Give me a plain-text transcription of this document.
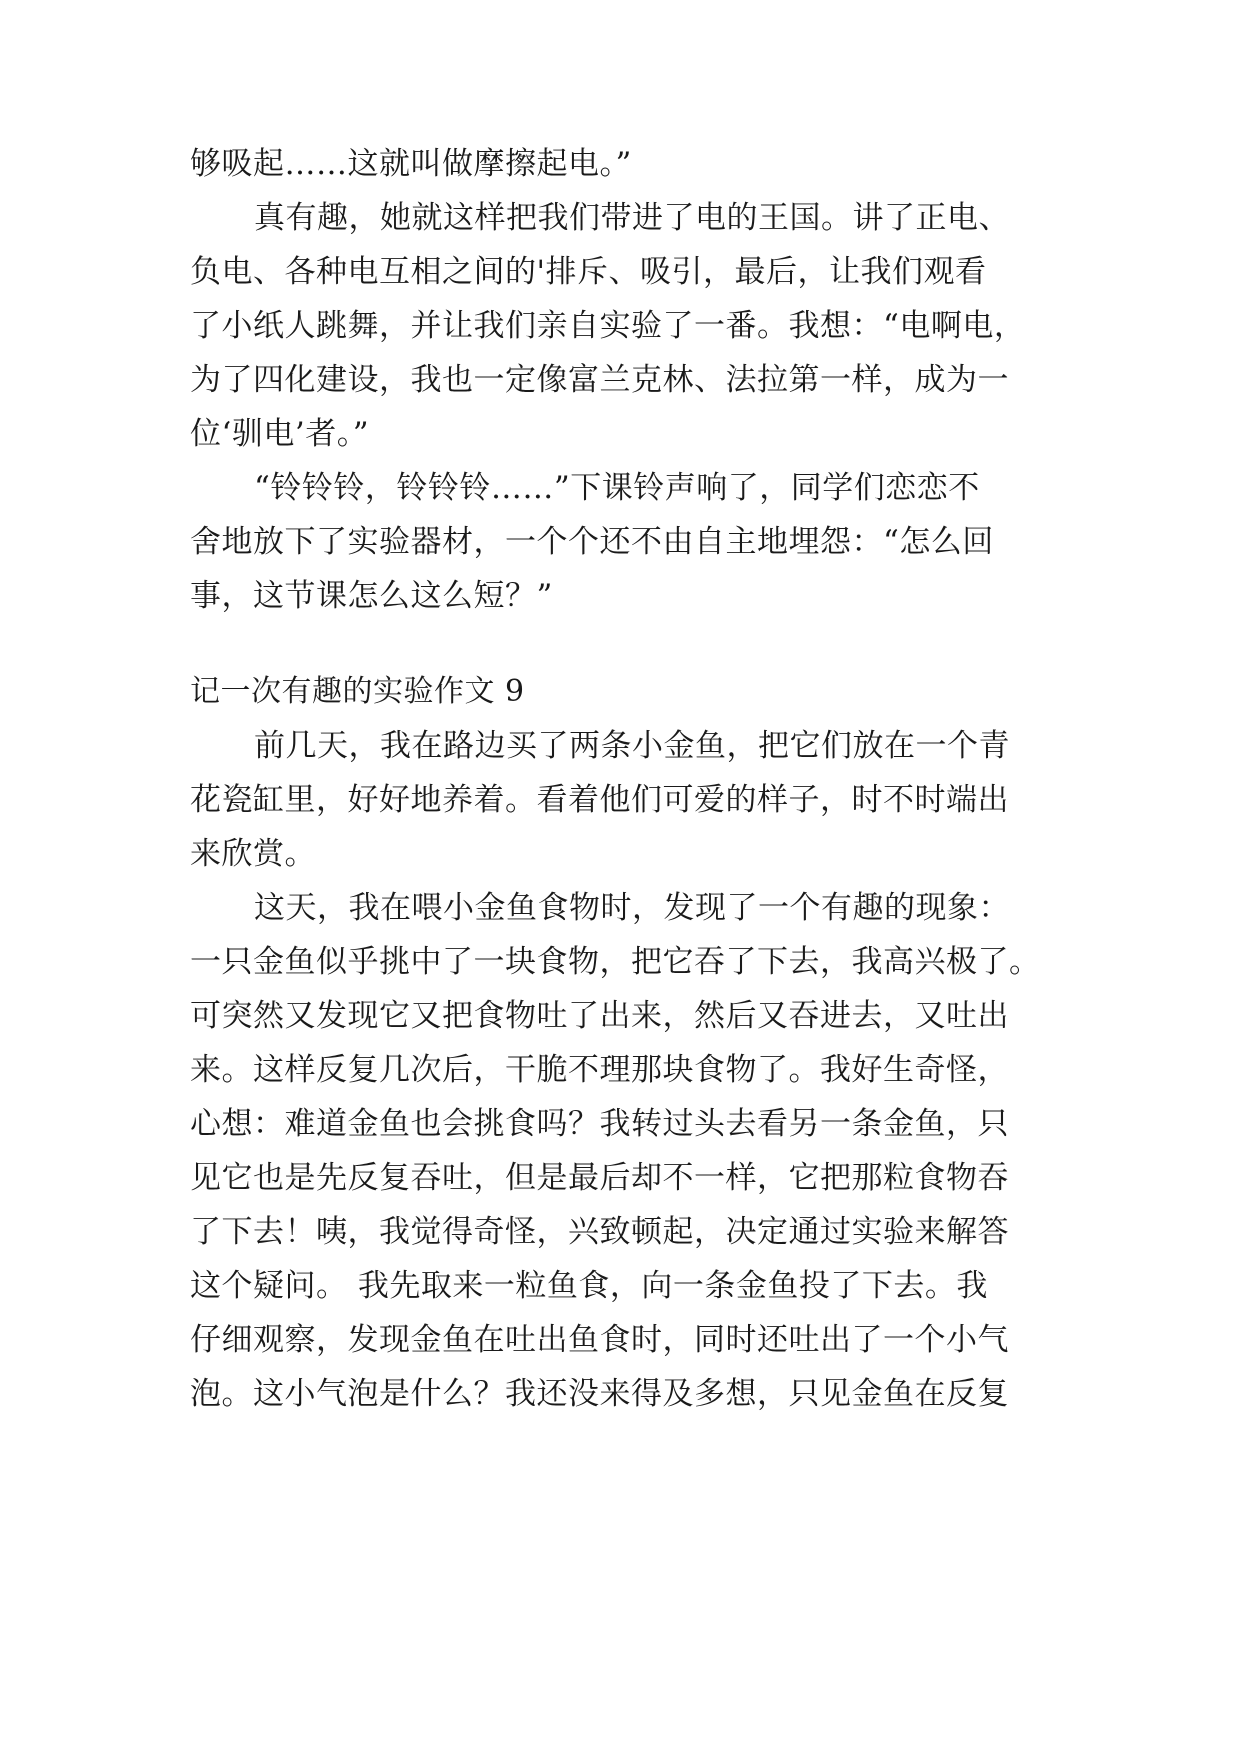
够吸起……这就叫做摩擦起电。”
真有趣，她就这样把我们带进了电的王国。讲了正电、
负电、各种电互相之间的'排斥、吸引，最后，让我们观看
了小纸人跳舞，并让我们亲自实验了一番。我想：“电啊电，
为了四化建设，我也一定像富兰克林、法拉第一样，成为一
位‘驯电’者。”
“铃铃铃，铃铃铃……”下课铃声响了，同学们恋恋不
舍地放下了实验器材，一个个还不由自主地埋怨：“怎么回
事，这节课怎么这么短？”
记一次有趣的实验作文 9
前几天，我在路边买了两条小金鱼，把它们放在一个青
花瓷缸里，好好地养着。看着他们可爱的样子，时不时端出
来欣赏。
这天，我在喂小金鱼食物时，发现了一个有趣的现象：
一只金鱼似乎挑中了一块食物，把它吞了下去，我高兴极了。
可突然又发现它又把食物吐了出来，然后又吞进去，又吐出
来。这样反复几次后，干脆不理那块食物了。我好生奇怪，
心想：难道金鱼也会挑食吗？我转过头去看另一条金鱼，只
见它也是先反复吞吐，但是最后却不一样，它把那粒食物吞
了下去！咦，我觉得奇怪，兴致顿起，决定通过实验来解答
这个疑问。 我先取来一粒鱼食，向一条金鱼投了下去。我
仔细观察，发现金鱼在吐出鱼食时，同时还吐出了一个小气
泡。这小气泡是什么？我还没来得及多想，只见金鱼在反复
